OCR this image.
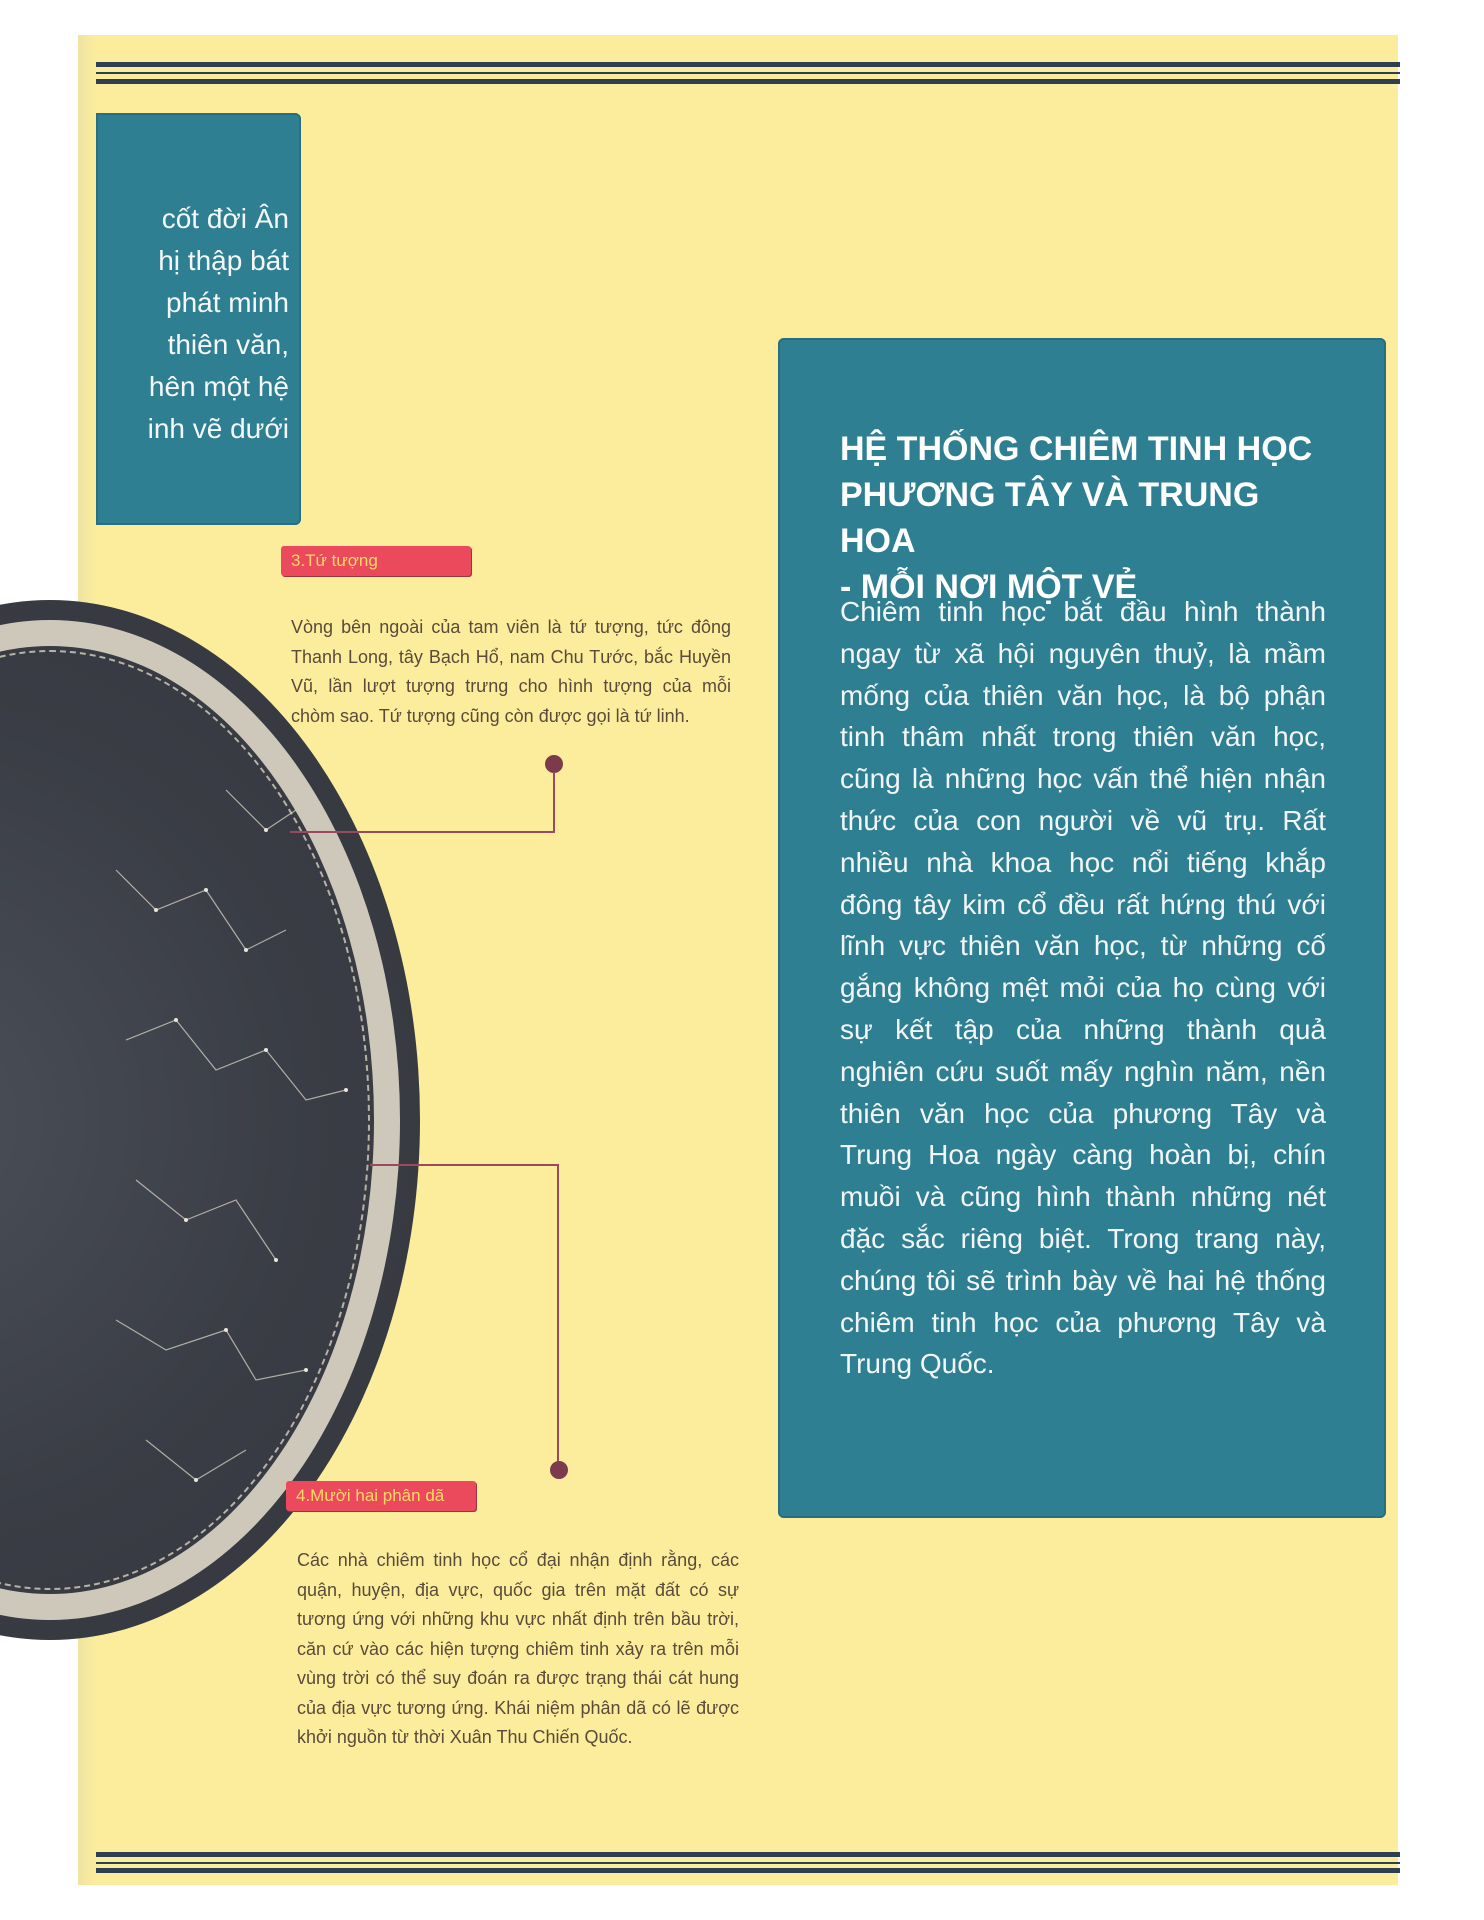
cốt đời Ân
hị thập bát
phát minh
thiên văn,
hên một hệ
inh vẽ dưới
3.Tứ tượng
Vòng bên ngoài của tam viên là tứ tượng, tức đông Thanh Long, tây Bạch Hổ, nam Chu Tước, bắc Huyền Vũ, lần lượt tượng trưng cho hình tượng của mỗi chòm sao. Tứ tượng cũng còn được gọi là tứ linh.
4.Mười hai phân dã
Các nhà chiêm tinh học cổ đại nhận định rằng, các quận, huyện, địa vực, quốc gia trên mặt đất có sự tương ứng với những khu vực nhất định trên bầu trời, căn cứ vào các hiện tượng chiêm tinh xảy ra trên mỗi vùng trời có thể suy đoán ra được trạng thái cát hung của địa vực tương ứng. Khái niệm phân dã có lẽ được khởi nguồn từ thời Xuân Thu Chiến Quốc.
HỆ THỐNG CHIÊM TINH HỌC
PHƯƠNG TÂY VÀ TRUNG HOA
- MỖI NƠI MỘT VẺ
Chiêm tinh học bắt đầu hình thành ngay từ xã hội nguyên thuỷ, là mầm mống của thiên văn học, là bộ phận tinh thâm nhất trong thiên văn học, cũng là những học vấn thể hiện nhận thức của con người về vũ trụ. Rất nhiều nhà khoa học nổi tiếng khắp đông tây kim cổ đều rất hứng thú với lĩnh vực thiên văn học, từ những cố gắng không mệt mỏi của họ cùng với sự kết tập của những thành quả nghiên cứu suốt mấy nghìn năm, nền thiên văn học của phương Tây và Trung Hoa ngày càng hoàn bị, chín muồi và cũng hình thành những nét đặc sắc riêng biệt. Trong trang này, chúng tôi sẽ trình bày về hai hệ thống chiêm tinh học của phương Tây và Trung Quốc.
